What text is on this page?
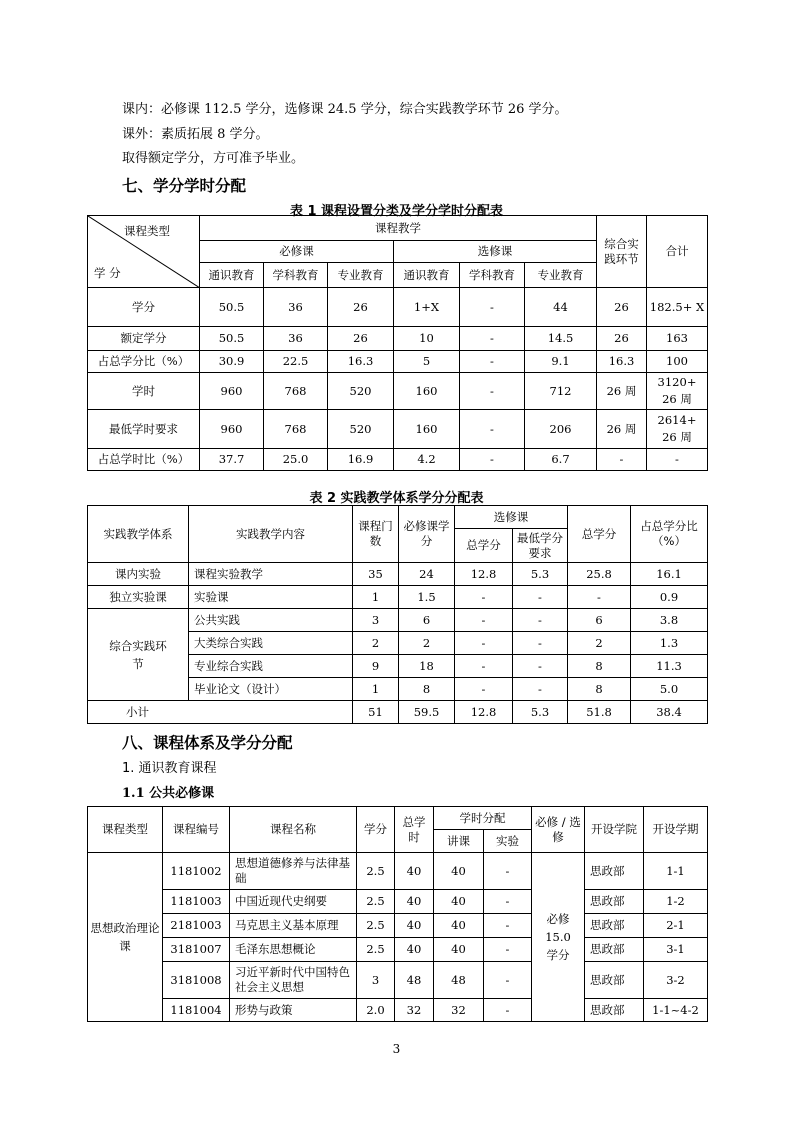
课内：必修课 112.5 学分，选修课 24.5 学分，综合实践教学环节 26 学分。
课外：素质拓展 8 学分。
取得额定学分，方可准予毕业。
七、学分学时分配
表 1 课程设置分类及学分学时分配表
课程类型
学 分	课程教学						综合实践环节	合计
	必修课			选修课				
	通识教育	学科教育	专业教育	通识教育	学科教育	专业教育		
学分	50.5	36	26	1+X	-	44	26	182.5+ X
额定学分	50.5	36	26	10	-	14.5	26	163
占总学分比（%）	30.9	22.5	16.3	5	-	9.1	16.3	100
学时	960	768	520	160	-	712	26 周	3120+ 26 周
最低学时要求	960	768	520	160	-	206	26 周	2614+ 26 周
占总学时比（%）	37.7	25.0	16.9	4.2	-	6.7	-	-
表 2 实践教学体系学分分配表
实践教学体系	实践教学内容	课程门数	必修课学分	选修课		总学分	占总学分比（%）
				总学分	最低学分要求		
课内实验	课程实验教学	35	24	12.8	5.3	25.8	16.1
独立实验课	实验课	1	1.5	-	-	-	0.9

综合实践环节	公共实践	3	6	-	-	6	3.8
	大类综合实践	2	2	-	-	2	1.3
	专业综合实践	9	18	-	-	8	11.3
	毕业论文（设计）	1	8	-	-	8	5.0
小计		51	59.5	12.8	5.3	51.8	38.4
八、课程体系及学分分配
1. 通识教育课程
1.1 公共必修课
课程类型	课程编号	课程名称	学分	总学时	学时分配		必修 / 选修	开设学院	开设学期
					讲课	实验			

思想政治理论课	1181002	思想道德修养与法律基础	2.5	40	40	-	必修 15.0 学分	思政部	1-1
	1181003	中国近现代史纲要	2.5	40	40	-		思政部	1-2
	2181003	马克思主义基本原理	2.5	40	40	-		思政部	2-1
	3181007	毛泽东思想概论	2.5	40	40	-		思政部	3-1
	3181008	习近平新时代中国特色社会主义思想	3	48	48	-		思政部	3-2
	1181004	形势与政策	2.0	32	32	-		思政部	1-1~4-2
3
